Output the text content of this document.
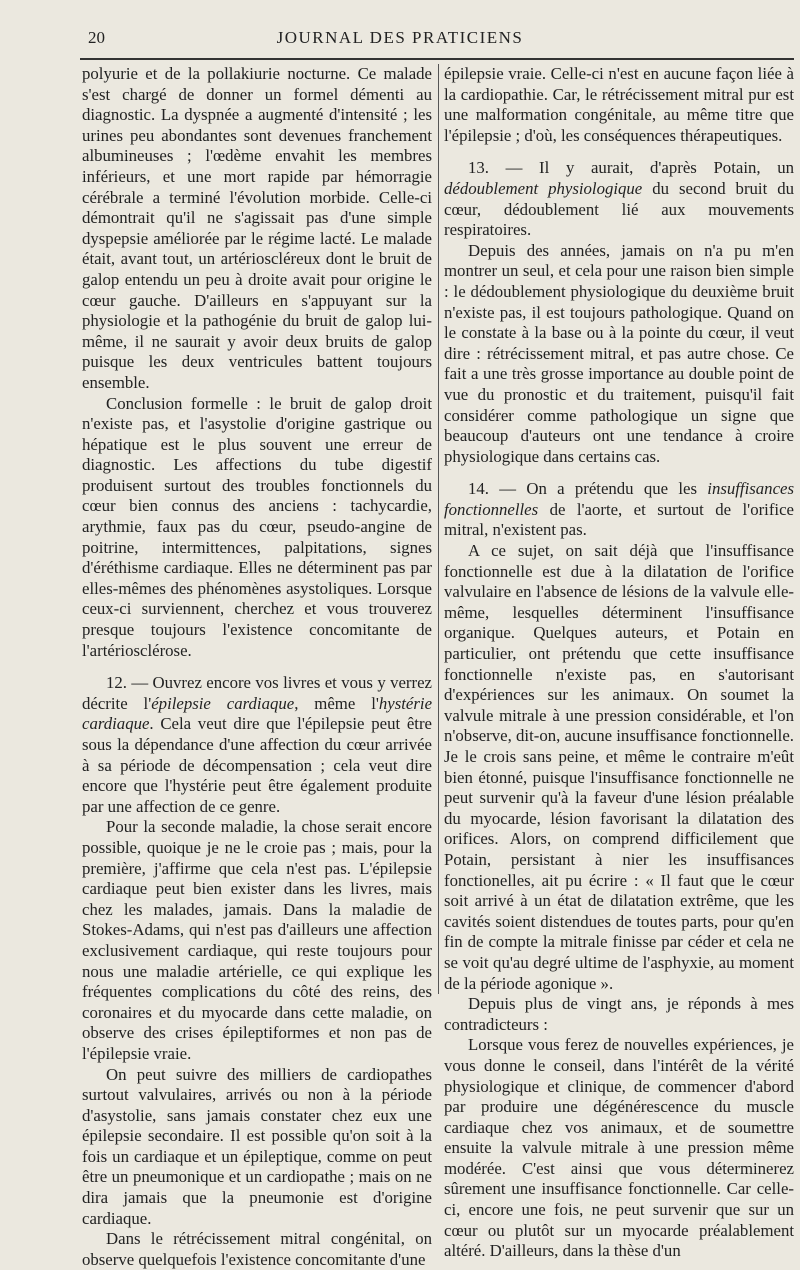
20	JOURNAL DES PRATICIENS

polyurie et de la pollakiurie nocturne. Ce malade s'est chargé de donner un formel démenti au diagnostic. La dyspnée a augmenté d'intensité ; les urines peu abondantes sont devenues franchement albumineuses ; l'œdème envahit les membres inférieurs, et une mort rapide par hémorragie cérébrale a terminé l'évolution morbide. Celle-ci démontrait qu'il ne s'agissait pas d'une simple dyspepsie améliorée par le régime lacté. Le malade était, avant tout, un artérioscléreux dont le bruit de galop entendu un peu à droite avait pour origine le cœur gauche. D'ailleurs en s'appuyant sur la physiologie et la pathogénie du bruit de galop lui-même, il ne saurait y avoir deux bruits de galop puisque les deux ventricules battent toujours ensemble.

Conclusion formelle : le bruit de galop droit n'existe pas, et l'asystolie d'origine gastrique ou hépatique est le plus souvent une erreur de diagnostic. Les affections du tube digestif produisent surtout des troubles fonctionnels du cœur bien connus des anciens : tachycardie, arythmie, faux pas du cœur, pseudo-angine de poitrine, intermittences, palpitations, signes d'éréthisme cardiaque. Elles ne déterminent pas par elles-mêmes des phénomènes asystoliques. Lorsque ceux-ci surviennent, cherchez et vous trouverez presque toujours l'existence concomitante de l'artériosclérose.

12. — Ouvrez encore vos livres et vous y verrez décrite l'épilepsie cardiaque, même l'hystérie cardiaque. Cela veut dire que l'épilepsie peut être sous la dépendance d'une affection du cœur arrivée à sa période de décompensation ; cela veut dire encore que l'hystérie peut être également produite par une affection de ce genre.

Pour la seconde maladie, la chose serait encore possible, quoique je ne le croie pas ; mais, pour la première, j'affirme que cela n'est pas. L'épilepsie cardiaque peut bien exister dans les livres, mais chez les malades, jamais. Dans la maladie de Stokes-Adams, qui n'est pas d'ailleurs une affection exclusivement cardiaque, qui reste toujours pour nous une maladie artérielle, ce qui explique les fréquentes complications du côté des reins, des coronaires et du myocarde dans cette maladie, on observe des crises épileptiformes et non pas de l'épilepsie vraie.

On peut suivre des milliers de cardiopathes surtout valvulaires, arrivés ou non à la période d'asystolie, sans jamais constater chez eux une épilepsie secondaire. Il est possible qu'on soit à la fois un cardiaque et un épileptique, comme on peut être un pneumonique et un cardiopathe ; mais on ne dira jamais que la pneumonie est d'origine cardiaque.

Dans le rétrécissement mitral congénital, on observe quelquefois l'existence concomitante d'une

épilepsie vraie. Celle-ci n'est en aucune façon liée à la cardiopathie. Car, le rétrécissement mitral pur est une malformation congénitale, au même titre que l'épilepsie ; d'où, les conséquences thérapeutiques.

13. — Il y aurait, d'après Potain, un dédoublement physiologique du second bruit du cœur, dédoublement lié aux mouvements respiratoires.

Depuis des années, jamais on n'a pu m'en montrer un seul, et cela pour une raison bien simple : le dédoublement physiologique du deuxième bruit n'existe pas, il est toujours pathologique. Quand on le constate à la base ou à la pointe du cœur, il veut dire : rétrécissement mitral, et pas autre chose. Ce fait a une très grosse importance au double point de vue du pronostic et du traitement, puisqu'il fait considérer comme pathologique un signe que beaucoup d'auteurs ont une tendance à croire physiologique dans certains cas.

14. — On a prétendu que les insuffisances fonctionnelles de l'aorte, et surtout de l'orifice mitral, n'existent pas.

A ce sujet, on sait déjà que l'insuffisance fonctionnelle est due à la dilatation de l'orifice valvulaire en l'absence de lésions de la valvule elle-même, lesquelles déterminent l'insuffisance organique. Quelques auteurs, et Potain en particulier, ont prétendu que cette insuffisance fonctionnelle n'existe pas, en s'autorisant d'expériences sur les animaux. On soumet la valvule mitrale à une pression considérable, et l'on n'observe, dit-on, aucune insuffisance fonctionnelle. Je le crois sans peine, et même le contraire m'eût bien étonné, puisque l'insuffisance fonctionnelle ne peut survenir qu'à la faveur d'une lésion préalable du myocarde, lésion favorisant la dilatation des orifices. Alors, on comprend difficilement que Potain, persistant à nier les insuffisances fonctionelles, ait pu écrire : « Il faut que le cœur soit arrivé à un état de dilatation extrême, que les cavités soient distendues de toutes parts, pour qu'en fin de compte la mitrale finisse par céder et cela ne se voit qu'au degré ultime de l'asphyxie, au moment de la période agonique ».

Depuis plus de vingt ans, je réponds à mes contradicteurs :

Lorsque vous ferez de nouvelles expériences, je vous donne le conseil, dans l'intérêt de la vérité physiologique et clinique, de commencer d'abord par produire une dégénérescence du muscle cardiaque chez vos animaux, et de soumettre ensuite la valvule mitrale à une pression même modérée. C'est ainsi que vous déterminerez sûrement une insuffisance fonctionnelle. Car celle-ci, encore une fois, ne peut survenir que sur un cœur ou plutôt sur un myocarde préalablement altéré. D'ailleurs, dans la thèse d'un
